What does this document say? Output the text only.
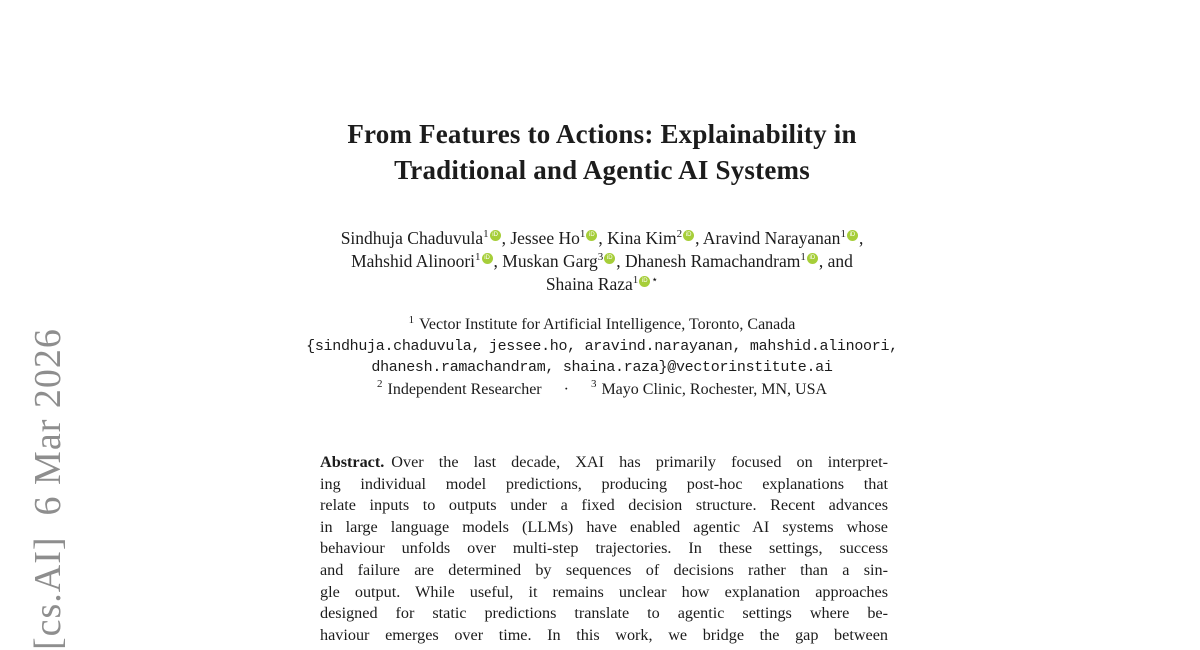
[cs.AI]  6 Mar 2026
From Features to Actions: Explainability in
Traditional and Agentic AI Systems
Sindhuja Chaduvula$^1$ iD , Jessee Ho$^1$ iD , Kina Kim$^2$ iD , Aravind Narayanan$^1$ iD ,
Mahshid Alinoori$^1$ iD , Muskan Garg$^3$ iD , Dhanesh Ramachandram$^1$ iD , and
Shaina Raza$^1$ iD ⋆
$^1$ Vector Institute for Artificial Intelligence, Toronto, Canada
{sindhuja.chaduvula, jessee.ho, aravind.narayanan, mahshid.alinoori,
dhanesh.ramachandram, shaina.raza}@vectorinstitute.ai
$^2$ Independent Researcher · $^3$ Mayo Clinic, Rochester, MN, USA
Abstract. Over the last decade, XAI has primarily focused on interpret-
ing individual model predictions, producing post-hoc explanations that
relate inputs to outputs under a fixed decision structure. Recent advances
in large language models (LLMs) have enabled agentic AI systems whose
behaviour unfolds over multi-step trajectories. In these settings, success
and failure are determined by sequences of decisions rather than a sin-
gle output. While useful, it remains unclear how explanation approaches
designed for static predictions translate to agentic settings where be-
haviour emerges over time. In this work, we bridge the gap between
